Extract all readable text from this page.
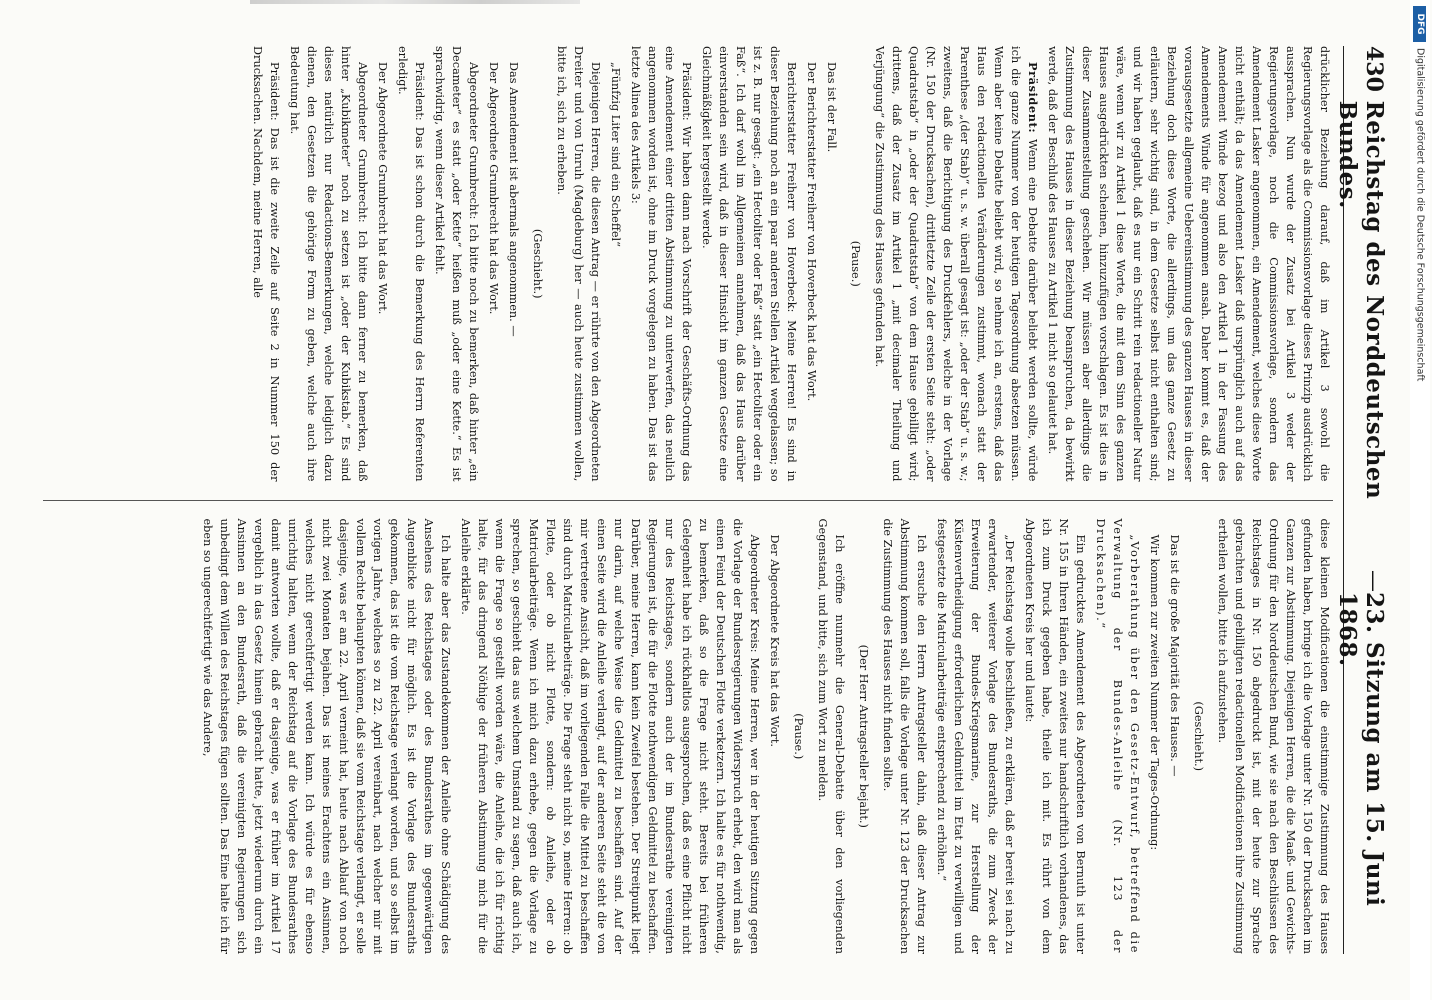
430
Reichstag des Norddeutschen Bundes.
—
23. Sitzung am 15. Juni 1868.

drücklicher Beziehung darauf, daß im Artikel 3 sowohl die Regierungsvorlage als die Commissionsvorlage dieses Prinzip ausdrücklich aussprachen. Nun wurde der Zusatz bei Artikel 3 weder der Regierungsvorlage, noch die Commissionsvorlage, sondern das Amendement Lasker angenommen, ein Amendement, welches diese Worte nicht enthält; da das Amendement Lasker daß ursprünglich auch auf das Amendement Winde bezog und also den Artikel 1 in der Fassung des Amendements Winde für angenommen ansah. Daher kommt es, daß der vorausgesetzte allgemeine Uebereinstimmung des ganzen Hauses in dieser Beziehung doch diese Worte, die allerdings, um das ganze Gesetz zu erläutern, sehr wichtig sind, in dem Gesetze selbst nicht enthalten sind; und wir haben geglaubt, daß es nur ein Schritt rein redactioneller Natur wäre, wenn wir zu Artikel 1 diese Worte, die mit dem Sinn des ganzen Hauses ausgedrückten scheinen, hinzuzufügen vorschlagen. Es ist dies in dieser Zusammenstellung geschehen. Wir müssen aber allerdings die Zustimmung des Hauses in dieser Beziehung beanspruchen, da bewirkt werde, daß der Beschluß des Hauses zu Artikel 1 nicht so gelautet hat.

Präsident: Wenn eine Debatte darüber beliebt werden sollte, würde ich die ganze Nummer von der heutigen Tagesordnung absetzen müssen. Wenn aber keine Debatte beliebt wird, so nehme ich an, erstens, daß das Haus den redactionellen Veränderungen zustimmt, wonach statt der Parenthese „(der Stab)“ u. s. w. überall gesagt ist: „oder der Stab“ u. s. w.; zweitens, daß die Berichtigung des Druckfehlers, welche in der Vorlage (Nr. 150 der Drucksachen), drittletzte Zeile der ersten Seite steht: „oder Quadratstab“ in „oder der Quadratstab“ von dem Hause gebilligt wird; drittens, daß der Zusatz im Artikel 1 „mit decimaler Theilung und Verjüngung“ die Zustimmung des Hauses gefunden hat.

(Pause.)

Das ist der Fall.

Der Berichterstatter Freiherr von Hoverbeck hat das Wort.

Berichterstatter Freiherr von Hoverbeck: Meine Herren! Es sind in dieser Beziehung noch an ein paar anderen Stellen Artikel weggelassen; so ist z. B. nur gesagt: „ein Hectoliter oder Faß“ statt „ein Hectoliter oder ein Faß“. Ich darf wohl im Allgemeinen annehmen, daß das Haus darüber einverstanden sein wird, daß in dieser Hinsicht im ganzen Gesetze eine Gleichmäßigkeit hergestellt werde.

Präsident: Wir haben dann nach Vorschrift der Geschäfts-Ordnung das eine Amendement einer dritten Abstimmung zu unterwerfen, das neulich angenommen worden ist, ohne im Druck vorgelegen zu haben. Das ist das letzte Alinea des Artikels 3:

„Fünfzig Liter sind ein Scheffel“

Diejenigen Herren, die diesen Antrag — er rührte von den Abgeordneten Dreiter und von Unruh (Magdeburg) her — auch heute zustimmen wollen, bitte ich, sich zu erheben.

(Geschieht.)

Das Amendement ist abermals angenommen. —

Der Abgeordnete Grumbrecht hat das Wort.

Abgeordneter Grumbrecht: Ich bitte noch zu bemerken, daß hinter „ein Decameter“ es statt „oder Kette“ heißen muß „oder eine Kette.“ Es ist sprachwidrig, wenn dieser Artikel fehlt.

Präsident: Das ist schon durch die Bemerkung des Herrn Referenten erledigt.

Der Abgeordnete Grumbrecht hat das Wort.

Abgeordneter Grumbrecht: Ich bitte dann ferner zu bemerken, daß hinter „Kubikmeter“ noch zu setzen ist „oder der Kubikstab.“ Es sind dieses natürlich nur Redactions-Bemerkungen, welche lediglich dazu dienen, den Gesetzen die gehörige Form zu geben, welche auch ihre Bedeutung hat.

Präsident: Das ist die zweite Zeile auf Seite 2 in Nummer 150 der Drucksachen. Nachdem, meine Herren, alle

diese kleinen Modificationen die einstimmige Zustimmung des Hauses gefunden haben, bringe ich die Vorlage unter Nr. 150 der Drucksachen im Ganzen zur Abstimmung. Diejenigen Herren, die die Maaß- und Gewichts-Ordnung für den Norddeutschen Bund, wie sie nach den Beschlüssen des Reichstages in Nr. 150 abgedruckt ist, mit der heute zur Sprache gebrachten und gebilligten redactionellen Modificationen ihre Zustimmung ertheilen wollen, bitte ich aufzustehen.

(Geschieht.)

Das ist die große Majorität des Hauses. —

Wir kommen zur zweiten Nummer der Tages-Ordnung:

„Vorberathung über den Gesetz-Entwurf, betreffend die Verwaltung der Bundes-Anleihe (Nr. 123 der Drucksachen).“

Ein gedrucktes Amendement des Abgeordneten von Bernuth ist unter Nr. 155 in Ihren Händen, ein zweites nur handschriftlich vorhandenes, das ich zum Druck gegeben habe, theile ich mit. Es rührt von dem Abgeordneten Kreis her und lautet:

„Der Reichstag wolle beschließen, zu erklären, daß er bereit sei nach zu erwartender, weiterer Vorlage des Bundesraths, die zum Zweck der Erweiterung der Bundes-Kriegsmarine, zur Herstellung der Küstenvertheidigung erforderlichen Geldmittel im Etat zu verwilligen und festgesetzte die Matricularbeiträge entsprechend zu erhöhen.“

Ich ersuche den Herrn Antragsteller dahin, daß dieser Antrag zur Abstimmung kommen soll, falls die Vorlage unter Nr. 123 der Drucksachen die Zustimmung des Hauses nicht finden sollte.

(Der Herr Antragsteller bejaht.)

Ich eröffne nunmehr die General-Debatte über den vorliegenden Gegenstand, und bitte, sich zum Wort zu melden.

(Pause.)

Der Abgeordnete Kreis hat das Wort.

Abgeordneter Kreis: Meine Herren, wer in der heutigen Sitzung gegen die Vorlage der Bundesregierungen Widerspruch erhebt, den wird man als einen Feind der Deutschen Flotte verketzern. Ich halte es für nothwendig, zu bemerken, daß so die Frage nicht steht. Bereits bei früheren Gelegenheit habe ich rückhaltlos ausgesprochen, daß es eine Pflicht nicht nur des Reichstages, sondern auch der im Bundesrathe vereinigten Regierungen ist, die für die Flotte nothwendigen Geldmittel zu beschaffen. Darüber, meine Herren, kann kein Zweifel bestehen. Der Streitpunkt liegt nur darin, auf welche Weise die Geldmittel zu beschaffen sind. Auf der einen Seite wird die Anleihe verlangt, auf der anderen Seite steht die von mir vertretene Ansicht, daß im vorliegenden Falle die Mittel zu beschaffen sind durch Matricularbeiträge. Die Frage steht nicht so, meine Herren: ob Flotte, oder ob nicht Flotte, sondern: ob Anleihe, oder ob Matricularbeiträge. Wenn ich mich dazu erhebe, gegen die Vorlage zu sprechen, so geschieht das aus welchem Umstand zu sagen, daß auch ich, wenn die Frage so gestellt worden wäre, die Anleihe, die ich für richtig halte, für das dringend Nöthige der früheren Abstimmung mich für die Anleihe erklärte.

Ich halte aber das Zustandekommen der Anleihe ohne Schädigung des Ansehens des Reichstages oder des Bundesrathes im gegenwärtigen Augenblicke nicht für möglich. Es ist die Vorlage des Bundesraths gekommen, das ist die vom Reichstage verlangt worden, und so selbst im vorigen Jahre, welches so zu 22. April vereinbart, nach welcher mir mit vollem Rechte behaupten können, daß sie vom Reichstage verlangt, er solle dasjenige, was er am 22. April verneint hat, heute nach Ablauf von noch nicht zwei Monaten bejahen. Das ist meines Erachtens ein Ansinnen, welches nicht gerechtfertigt werden kann. Ich würde es für ebenso unrichtig halten, wenn der Reichstag auf die Vorlage des Bundesrathes damit antworten wollte, daß er dasjenige, was er früher im Artikel 17 vergeblich in das Gesetz hinein gebracht hatte, jetzt wiederum durch ein Ansinnen an den Bundesrath, daß die vereinigten Regierungen sich unbedingt dem Willen des Reichstages fügen sollten. Das Eine halte ich für eben so ungerechtfertigt wie das Andere,

DFG
Digitalisierung gefördert durch die Deutsche Forschungsgemeinschaft
